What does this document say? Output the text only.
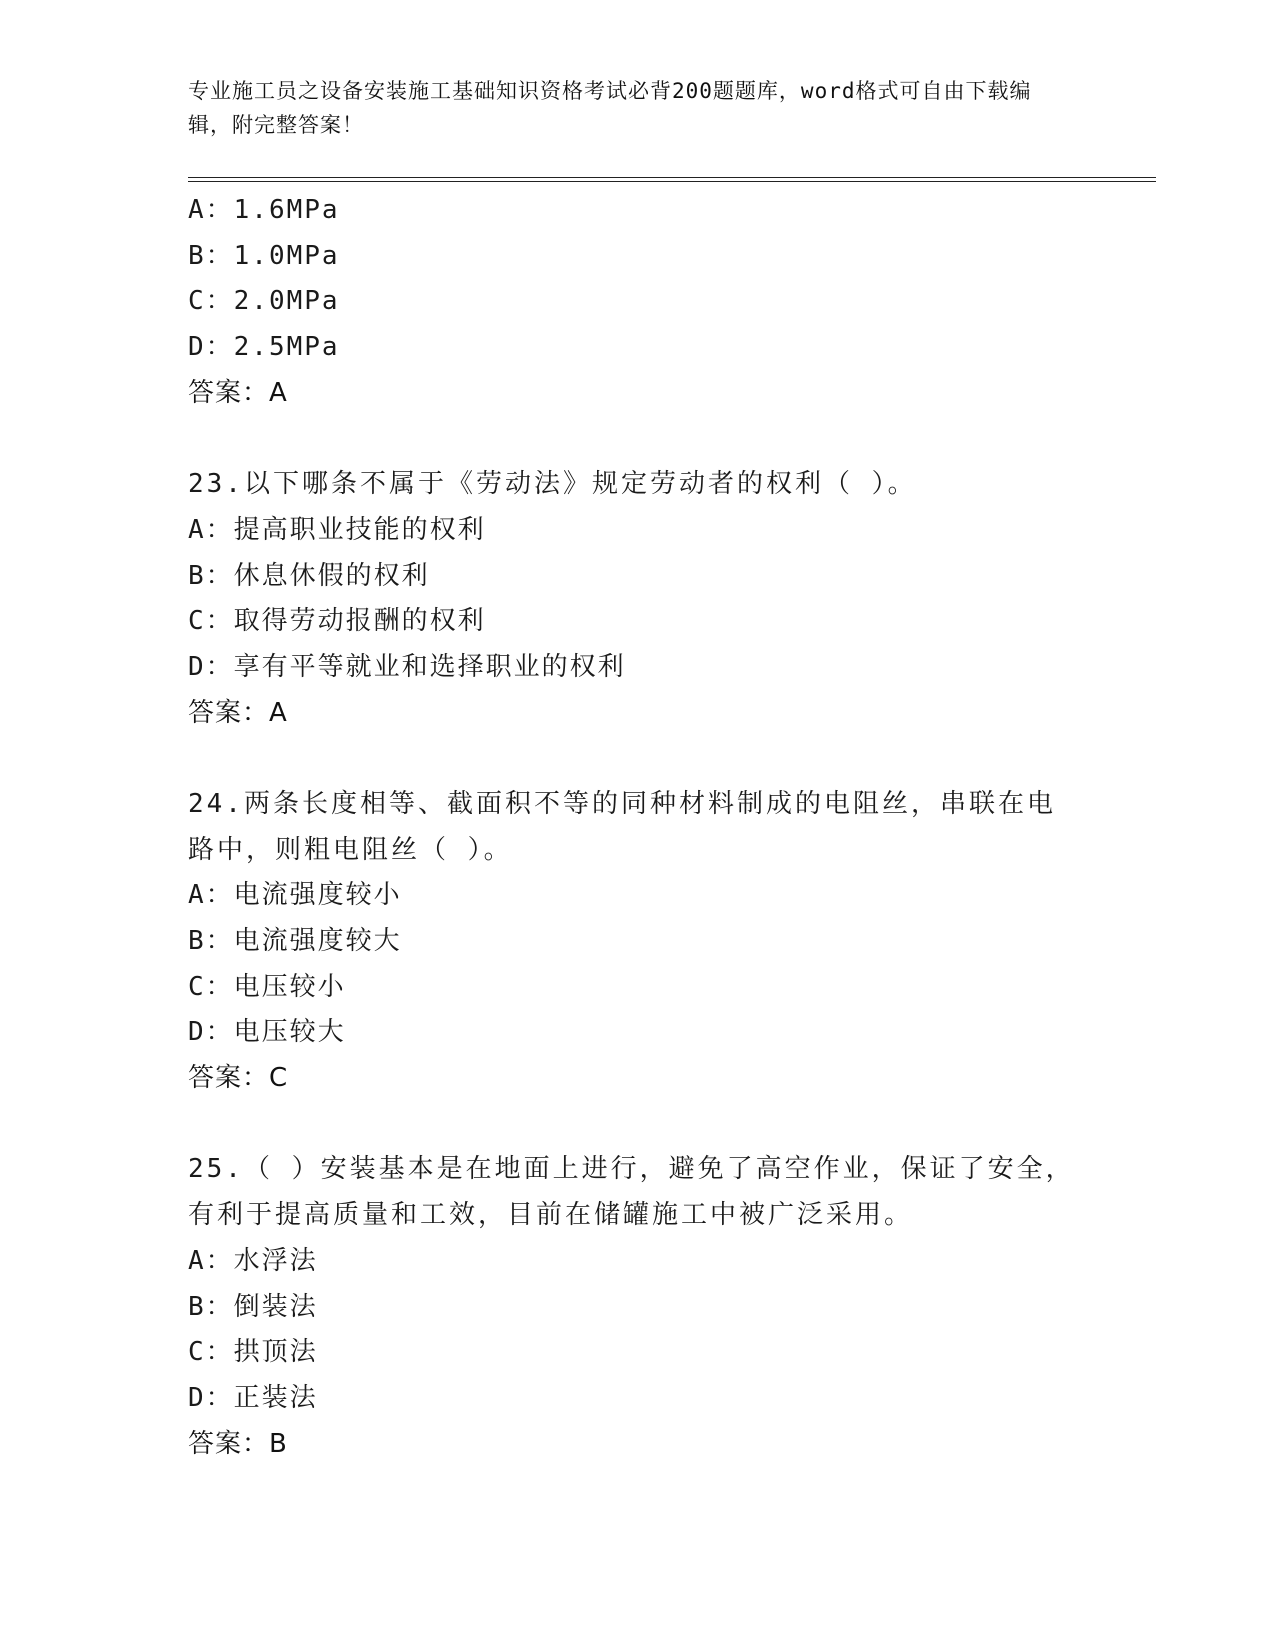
专业施工员之设备安装施工基础知识资格考试必背200题题库，word格式可自由下载编辑，附完整答案！
A：1.6MPa
B：1.0MPa
C：2.0MPa
D：2.5MPa
答案：A
23.以下哪条不属于《劳动法》规定劳动者的权利（ ）。
A：提高职业技能的权利
B：休息休假的权利
C：取得劳动报酬的权利
D：享有平等就业和选择职业的权利
答案：A
24.两条长度相等、截面积不等的同种材料制成的电阻丝，串联在电路中，则粗电阻丝（ ）。
A：电流强度较小
B：电流强度较大
C：电压较小
D：电压较大
答案：C
25.（ ）安装基本是在地面上进行，避免了高空作业，保证了安全，有利于提高质量和工效，目前在储罐施工中被广泛采用。
A：水浮法
B：倒装法
C：拱顶法
D：正装法
答案：B
